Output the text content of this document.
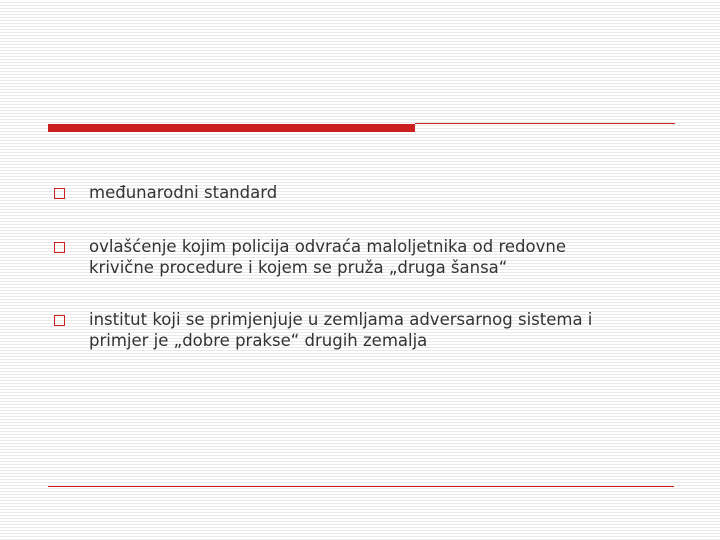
međunarodni standard
ovlašćenje kojim policija odvraća maloljetnika od redovne
krivične procedure i kojem se pruža „druga šansa“
institut koji se primjenjuje u zemljama adversarnog sistema i
primjer je „dobre prakse“ drugih zemalja
